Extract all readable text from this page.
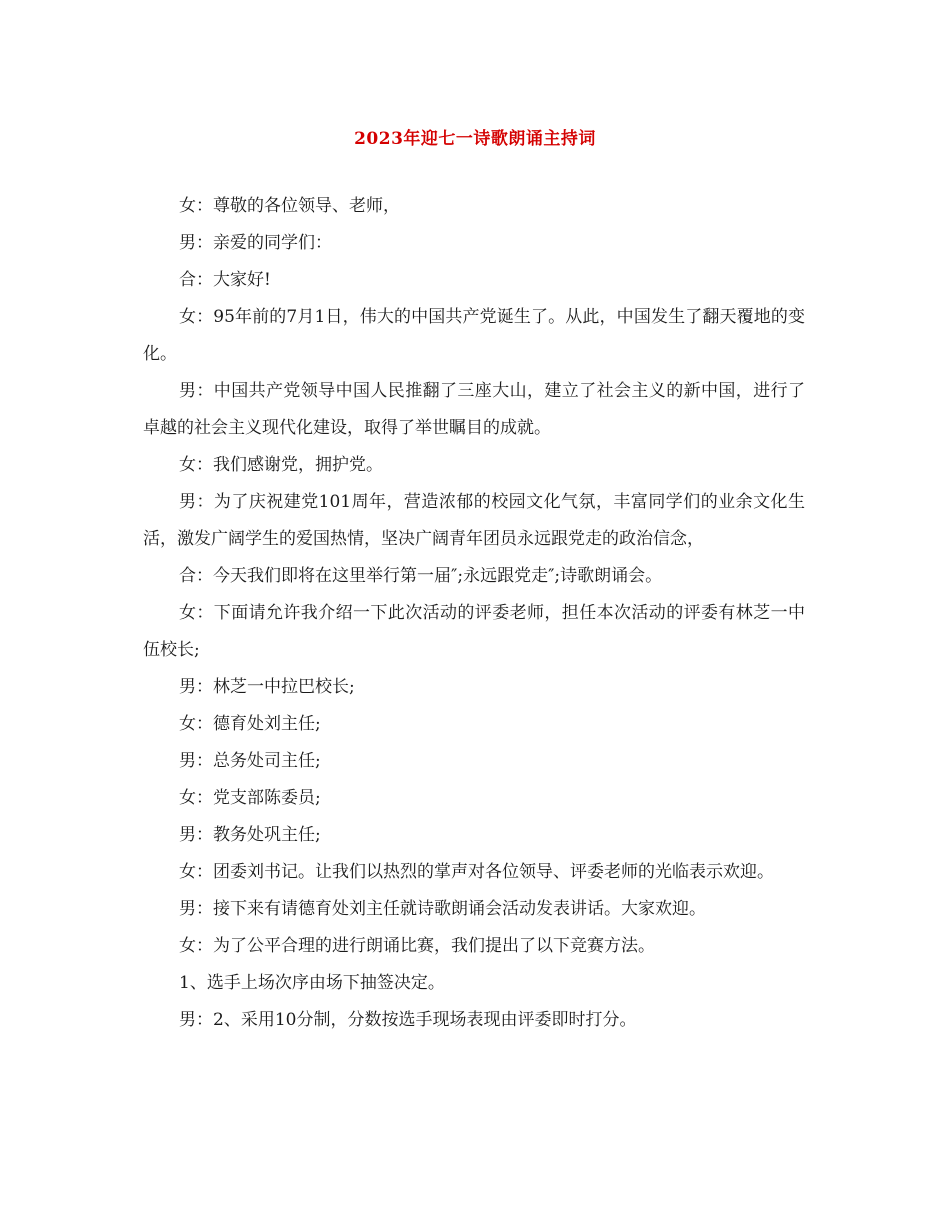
2023年迎七一诗歌朗诵主持词

女：尊敬的各位领导、老师，

男：亲爱的同学们：

合：大家好!

女：95年前的7月1日，伟大的中国共产党诞生了。从此，中国发生了翻天覆地的变化。

男：中国共产党领导中国人民推翻了三座大山，建立了社会主义的新中国，进行了卓越的社会主义现代化建设，取得了举世瞩目的成就。

女：我们感谢党，拥护党。

男：为了庆祝建党101周年，营造浓郁的校园文化气氛，丰富同学们的业余文化生活，激发广阔学生的爱国热情，坚决广阔青年团员永远跟党走的政治信念，

合：今天我们即将在这里举行第一届″;永远跟党走″;诗歌朗诵会。

女：下面请允许我介绍一下此次活动的评委老师，担任本次活动的评委有林芝一中伍校长;

男：林芝一中拉巴校长;

女：德育处刘主任;

男：总务处司主任;

女：党支部陈委员;

男：教务处巩主任;

女：团委刘书记。让我们以热烈的掌声对各位领导、评委老师的光临表示欢迎。

男：接下来有请德育处刘主任就诗歌朗诵会活动发表讲话。大家欢迎。

女：为了公平合理的进行朗诵比赛，我们提出了以下竞赛方法。

1、选手上场次序由场下抽签决定。

男：2、采用10分制，分数按选手现场表现由评委即时打分。
